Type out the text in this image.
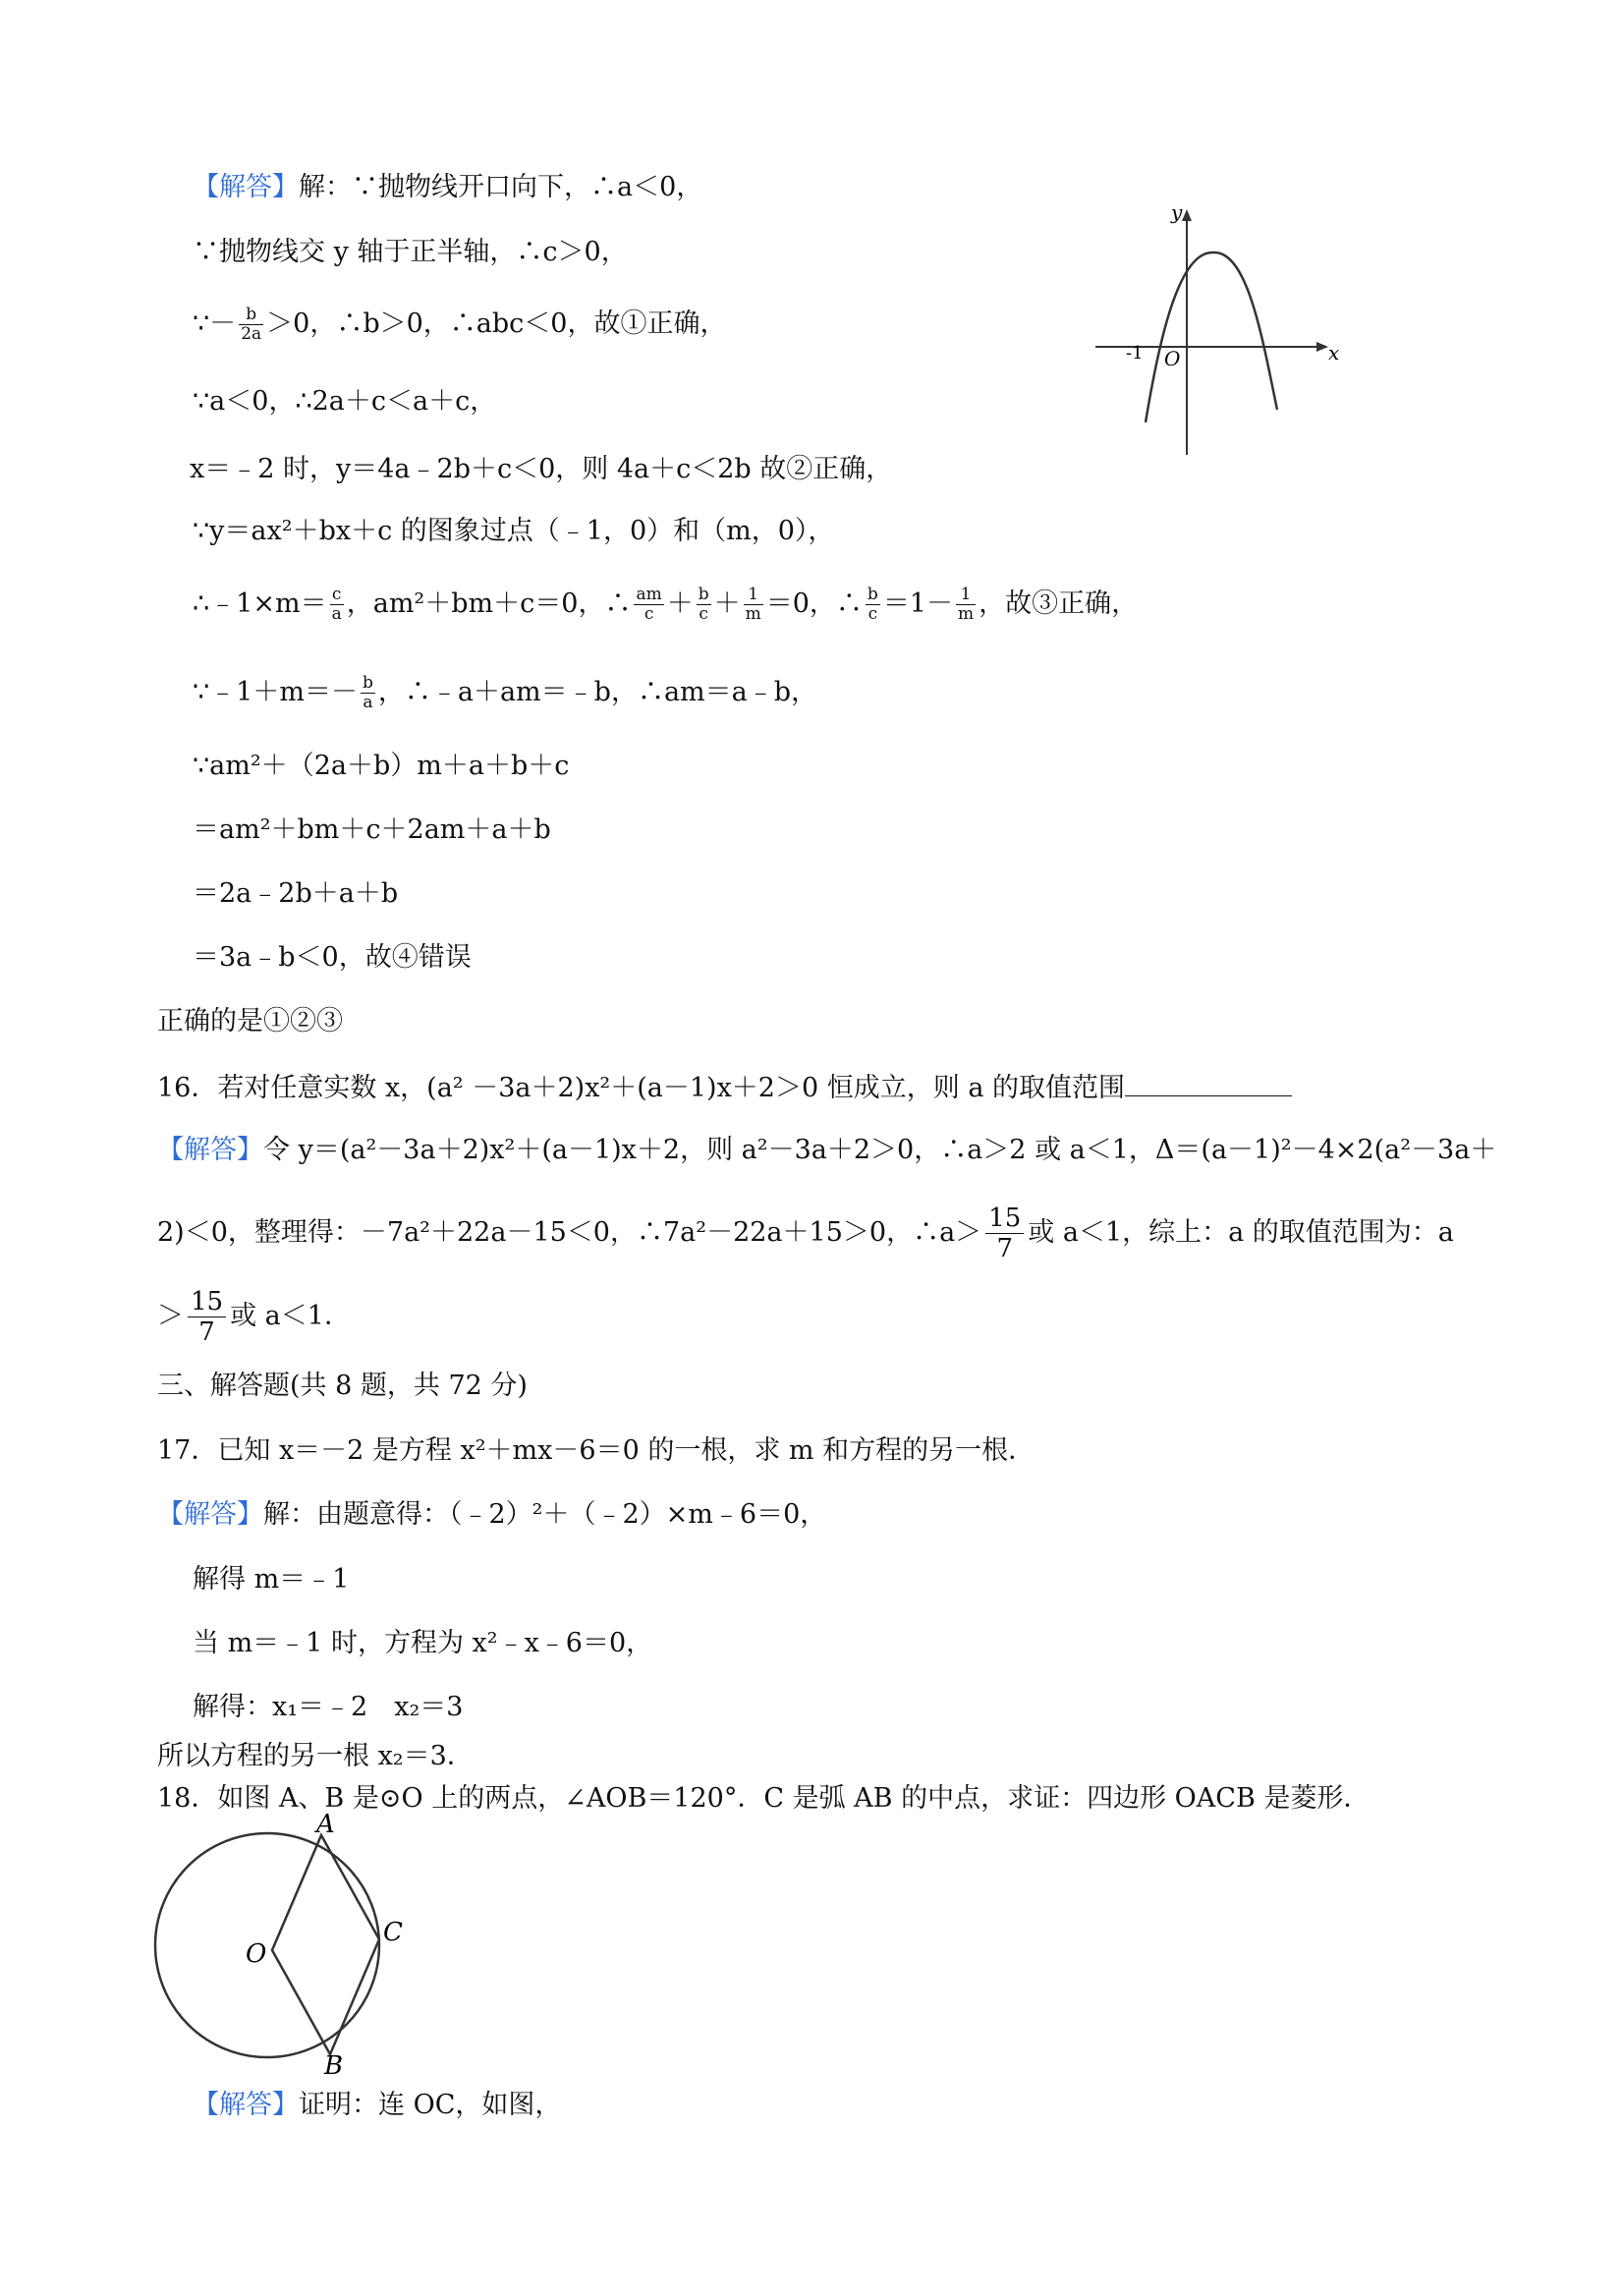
【解答】解：∵抛物线开口向下，∴a＜0，
∵抛物线交 y 轴于正半轴，∴c＞0，
∵－ $\frac{b}{2a} >0$，∴b＞0，∴abc＜0，故①正确，
∵a＜0，∴2a＋c＜a＋c，
x＝﹣2 时，y＝4a﹣2b＋c＜0，则 4a＋c＜2b 故②正确，
∵y＝ax²＋bx＋c 的图象过点（﹣1，0）和（m，0），
∴﹣1×m＝ $\frac{c}{a}$ ，am²＋bm＋c＝0，∴ $\frac{am}{c} + \frac{b}{c} + \frac{1}{m} =0$，∴ $\frac{b}{c} =1- \frac{1}{m}$ ，故③正确，
∵﹣1＋m＝－ $\frac{b}{a}$ ，∴﹣a＋am＝﹣b，∴am＝a﹣b，
∵am²＋（2a＋b）m＋a＋b＋c
＝am²＋bm＋c＋2am＋a＋b
＝2a﹣2b＋a＋b
＝3a﹣b＜0，故④错误
正确的是①②③
y
x
O
-1
16．若对任意实数 x，(a² －3a＋2)x²＋(a－1)x＋2＞0 恒成立，则 a 的取值范围
【解答】令 y＝(a²－3a＋2)x²＋(a－1)x＋2，则 a²－3a＋2＞0，∴a＞2 或 a＜1，Δ＝(a－1)²－4×2(a²－3a＋
2)＜0，整理得：－7a²＋22a－15＜0，∴7a²－22a＋15＞0，∴a＞ $\frac{15}{7}$ 或 a＜1，综上：a 的取值范围为：a
＞ $\frac{15}{7}$ 或 a＜1．
三、解答题(共 8 题，共 72 分)
17．已知 x＝－2 是方程 x²＋mx－6＝0 的一根，求 m 和方程的另一根．
【解答】解：由题意得：（﹣2）²＋（﹣2）×m﹣6＝0，
解得 m＝﹣1
当 m＝﹣1 时，方程为 x²﹣x﹣6＝0，
解得：x₁＝﹣2　x₂＝3
所以方程的另一根 x₂＝3．
18．如图 A、B 是⊙O 上的两点，∠AOB＝120°．C 是弧 AB 的中点，求证：四边形 OACB 是菱形．
A
C
O
B
【解答】证明：连 OC，如图，
